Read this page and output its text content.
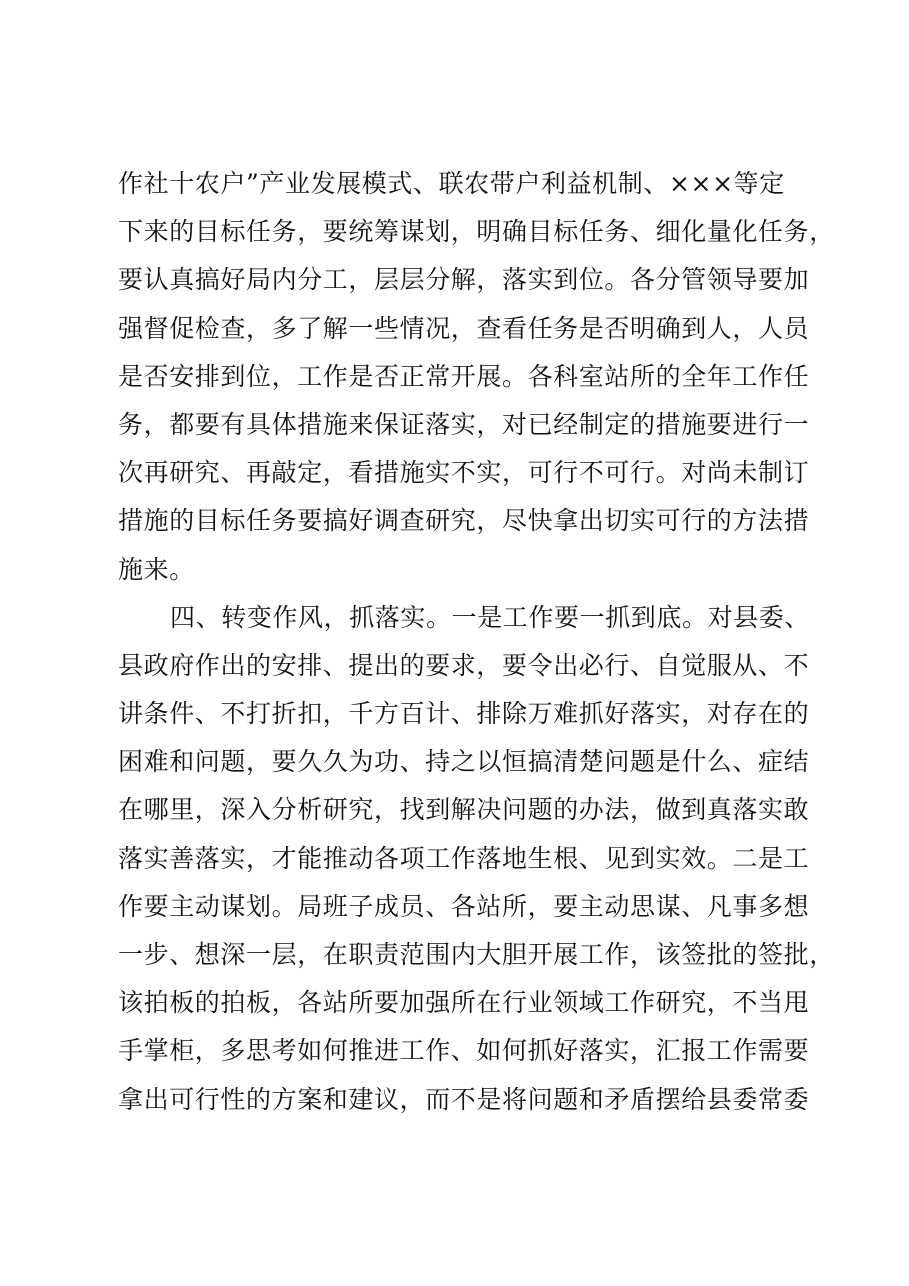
作社十农户”产业发展模式、联农带户利益机制、×××等定
下来的目标任务，要统筹谋划，明确目标任务、细化量化任务，
要认真搞好局内分工，层层分解，落实到位。各分管领导要加
强督促检查，多了解一些情况，查看任务是否明确到人，人员
是否安排到位，工作是否正常开展。各科室站所的全年工作任
务，都要有具体措施来保证落实，对已经制定的措施要进行一
次再研究、再敲定，看措施实不实，可行不可行。对尚未制订
措施的目标任务要搞好调查研究，尽快拿出切实可行的方法措
施来。
四、转变作风，抓落实。一是工作要一抓到底。对县委、
县政府作出的安排、提出的要求，要令出必行、自觉服从、不
讲条件、不打折扣，千方百计、排除万难抓好落实，对存在的
困难和问题，要久久为功、持之以恒搞清楚问题是什么、症结
在哪里，深入分析研究，找到解决问题的办法，做到真落实敢
落实善落实，才能推动各项工作落地生根、见到实效。二是工
作要主动谋划。局班子成员、各站所，要主动思谋、凡事多想
一步、想深一层，在职责范围内大胆开展工作，该签批的签批，
该拍板的拍板，各站所要加强所在行业领域工作研究，不当甩
手掌柜，多思考如何推进工作、如何抓好落实，汇报工作需要
拿出可行性的方案和建议，而不是将问题和矛盾摆给县委常委
